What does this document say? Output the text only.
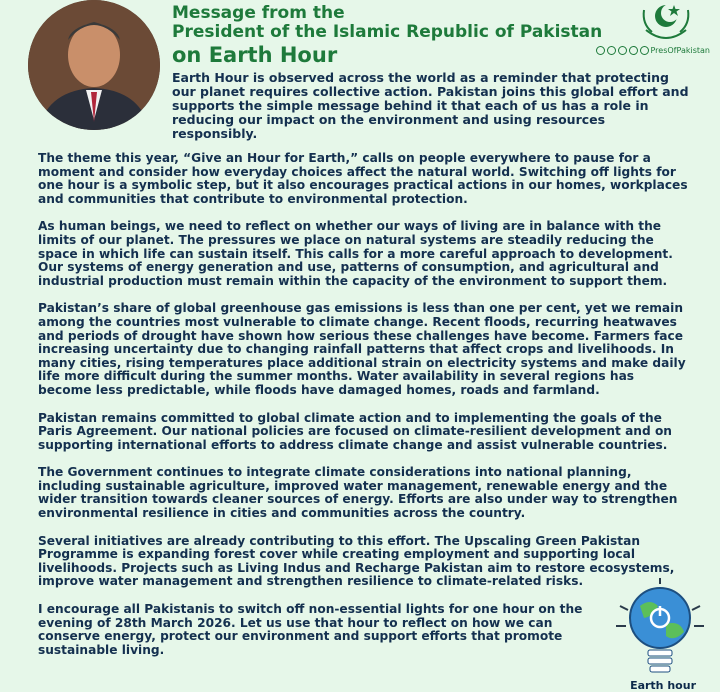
Message from the
President of the Islamic Republic of Pakistan
on Earth Hour	PresOfPakistan
Earth Hour is observed across the world as a reminder that protecting our planet requires collective action. Pakistan joins this global effort and supports the simple message behind it that each of us has a role in reducing our impact on the environment and using resources responsibly.

The theme this year, “Give an Hour for Earth,” calls on people everywhere to pause for a moment and consider how everyday choices affect the natural world. Switching off lights for one hour is a symbolic step, but it also encourages practical actions in our homes, workplaces and communities that contribute to environmental protection.

As human beings, we need to reflect on whether our ways of living are in balance with the limits of our planet. The pressures we place on natural systems are steadily reducing the space in which life can sustain itself. This calls for a more careful approach to development. Our systems of energy generation and use, patterns of consumption, and agricultural and industrial production must remain within the capacity of the environment to support them.

Pakistan’s share of global greenhouse gas emissions is less than one per cent, yet we remain among the countries most vulnerable to climate change. Recent floods, recurring heatwaves and periods of drought have shown how serious these challenges have become. Farmers face increasing uncertainty due to changing rainfall patterns that affect crops and livelihoods. In many cities, rising temperatures place additional strain on electricity systems and make daily life more difficult during the summer months. Water availability in several regions has become less predictable, while floods have damaged homes, roads and farmland.

Pakistan remains committed to global climate action and to implementing the goals of the Paris Agreement. Our national policies are focused on climate-resilient development and on supporting international efforts to address climate change and assist vulnerable countries.

The Government continues to integrate climate considerations into national planning, including sustainable agriculture, improved water management, renewable energy and the wider transition towards cleaner sources of energy. Efforts are also under way to strengthen environmental resilience in cities and communities across the country.

Several initiatives are already contributing to this effort. The Upscaling Green Pakistan Programme is expanding forest cover while creating employment and supporting local livelihoods. Projects such as Living Indus and Recharge Pakistan aim to restore ecosystems, improve water management and strengthen resilience to climate-related risks.

I encourage all Pakistanis to switch off non-essential lights for one hour on the evening of 28th March 2026. Let us use that hour to reflect on how we can conserve energy, protect our environment and support efforts that promote sustainable living.

Earth hour
